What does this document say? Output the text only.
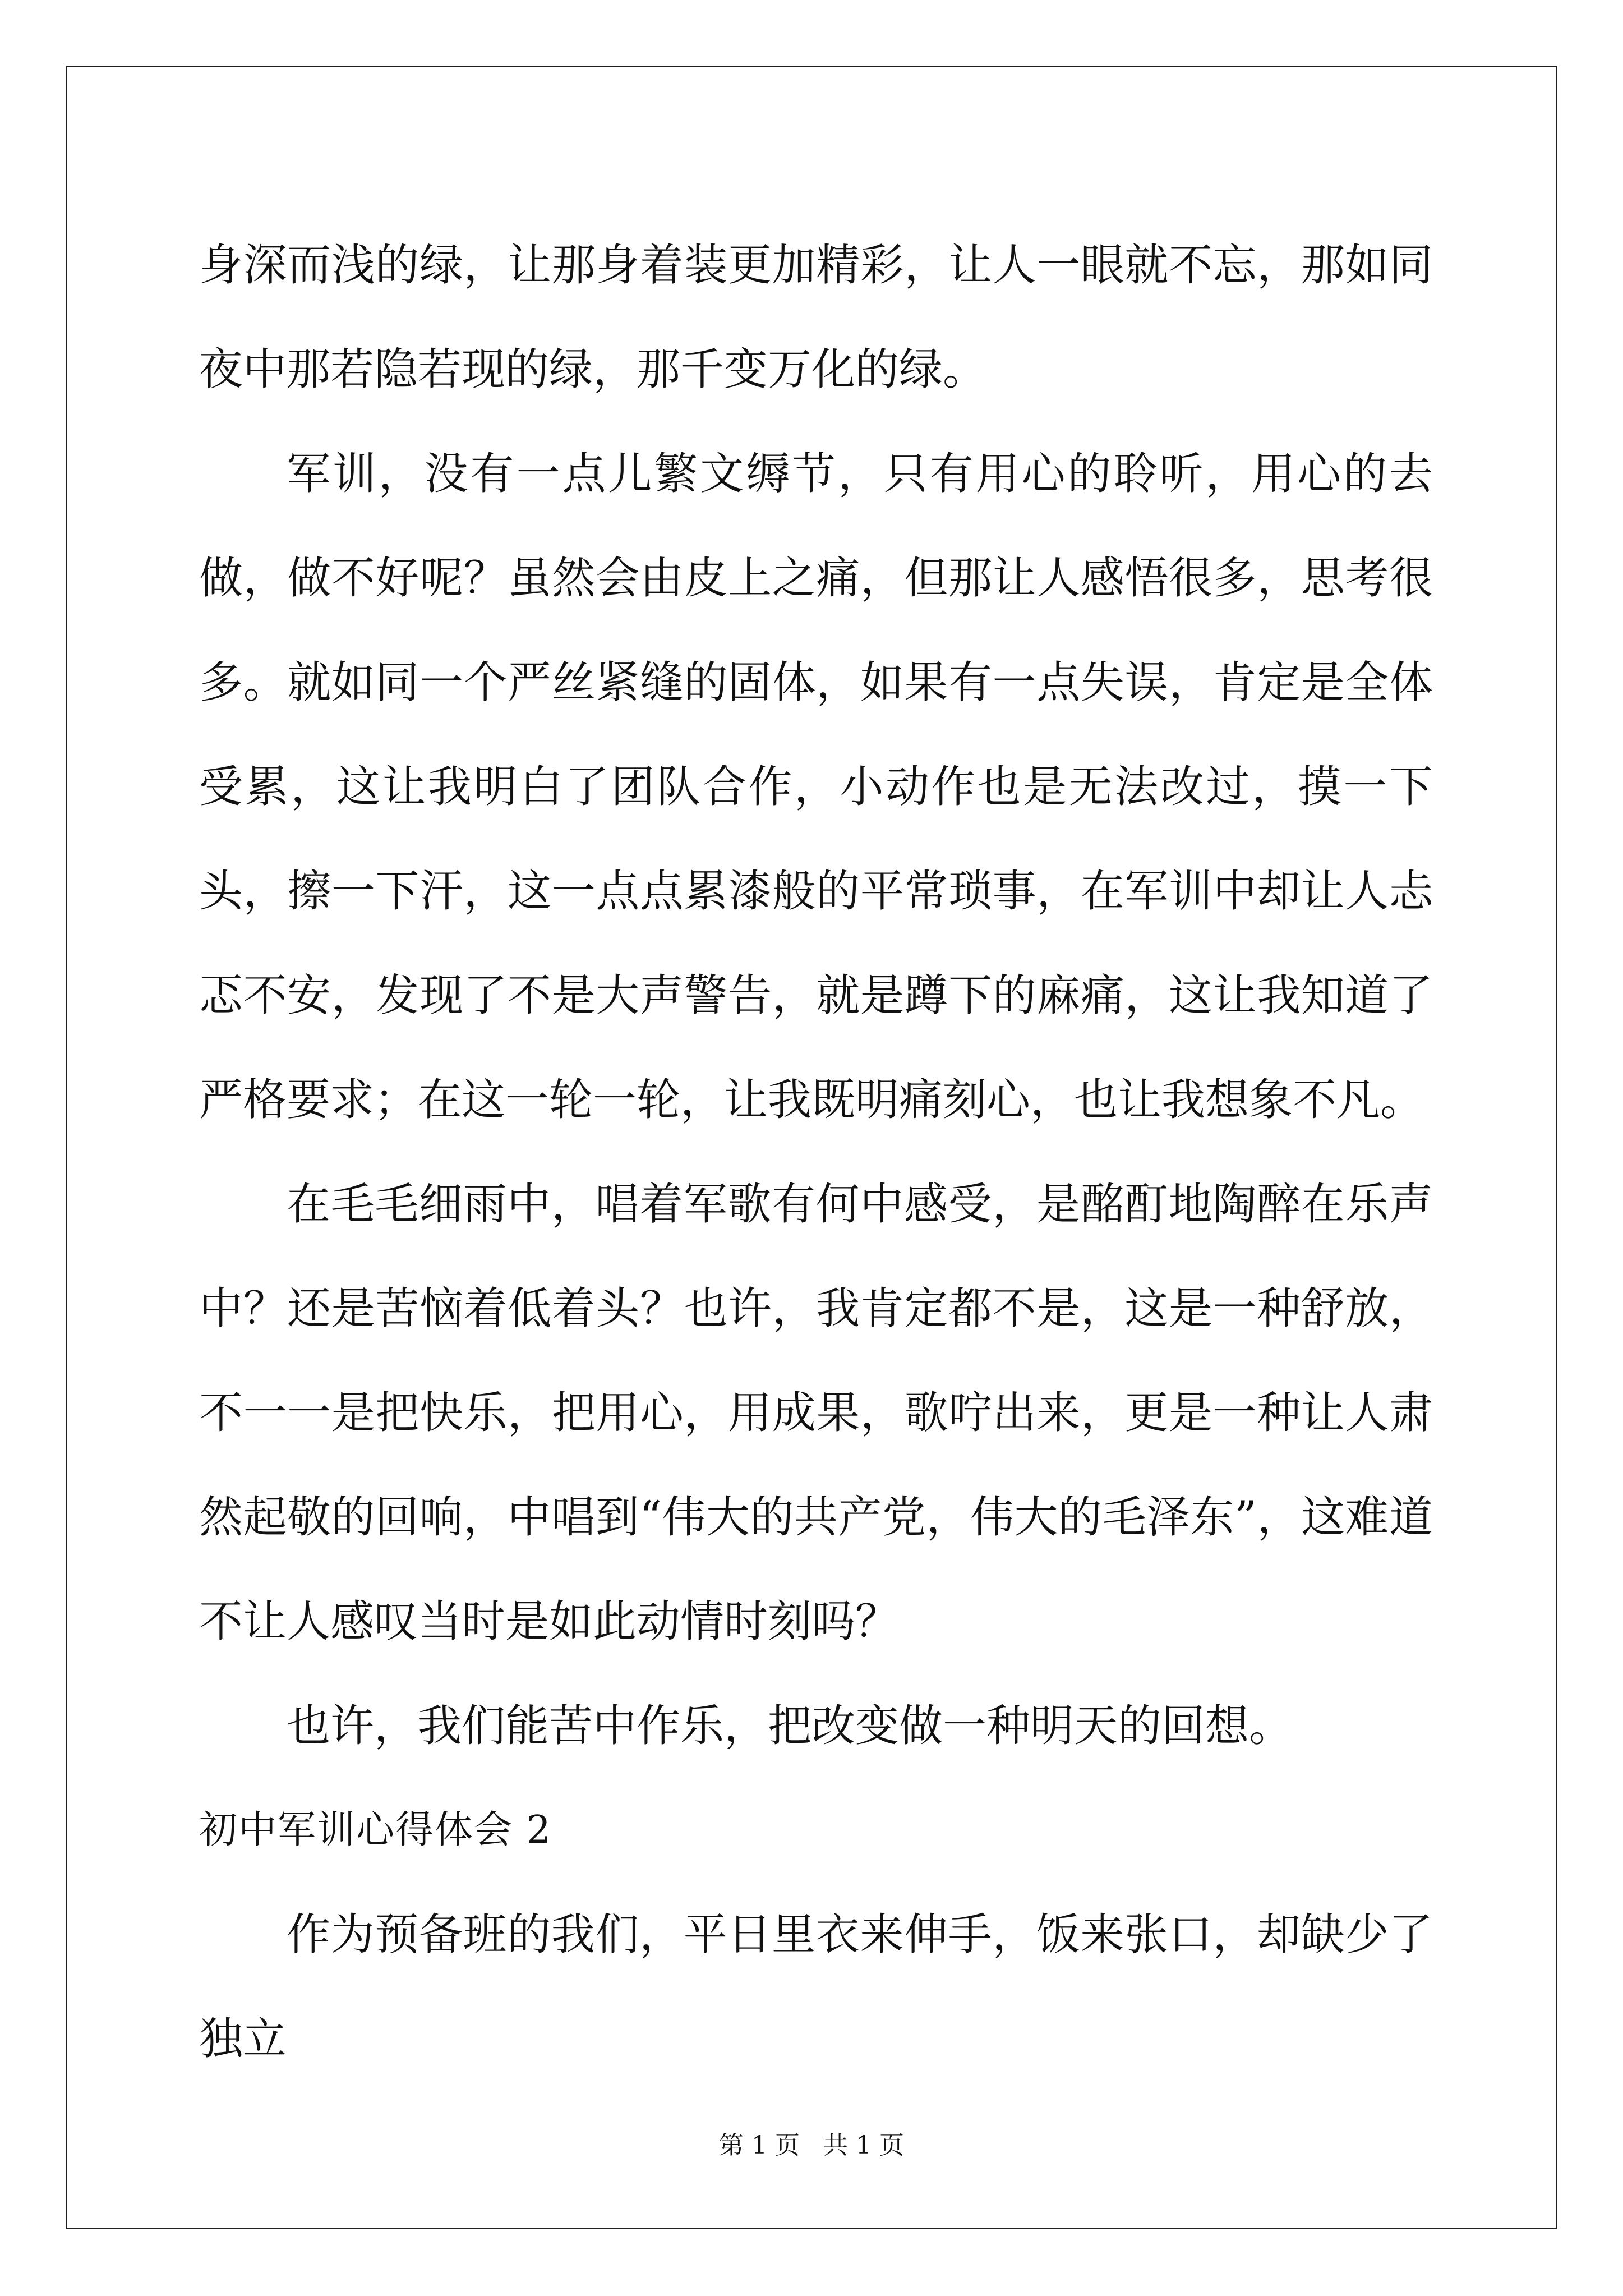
身深而浅的绿，让那身着装更加精彩，让人一眼就不忘，那如同夜中那若隐若现的绿，那千变万化的绿。

军训，没有一点儿繁文缛节，只有用心的聆听，用心的去做，做不好呢？虽然会由皮上之痛，但那让人感悟很多，思考很多。就如同一个严丝紧缝的固体，如果有一点失误，肯定是全体受累，这让我明白了团队合作，小动作也是无法改过，摸一下头，擦一下汗，这一点点累漆般的平常琐事，在军训中却让人忐忑不安，发现了不是大声警告，就是蹲下的麻痛，这让我知道了严格要求；在这一轮一轮，让我既明痛刻心，也让我想象不凡。

在毛毛细雨中，唱着军歌有何中感受，是酩酊地陶醉在乐声中？还是苦恼着低着头？也许，我肯定都不是，这是一种舒放，不一一是把快乐，把用心，用成果，歌咛出来，更是一种让人肃然起敬的回响，中唱到“伟大的共产党，伟大的毛泽东”，这难道不让人感叹当时是如此动情时刻吗？

也许，我们能苦中作乐，把改变做一种明天的回想。

初中军训心得体会 2

作为预备班的我们，平日里衣来伸手，饭来张口，却缺少了独立

第 1 页   共 1 页
